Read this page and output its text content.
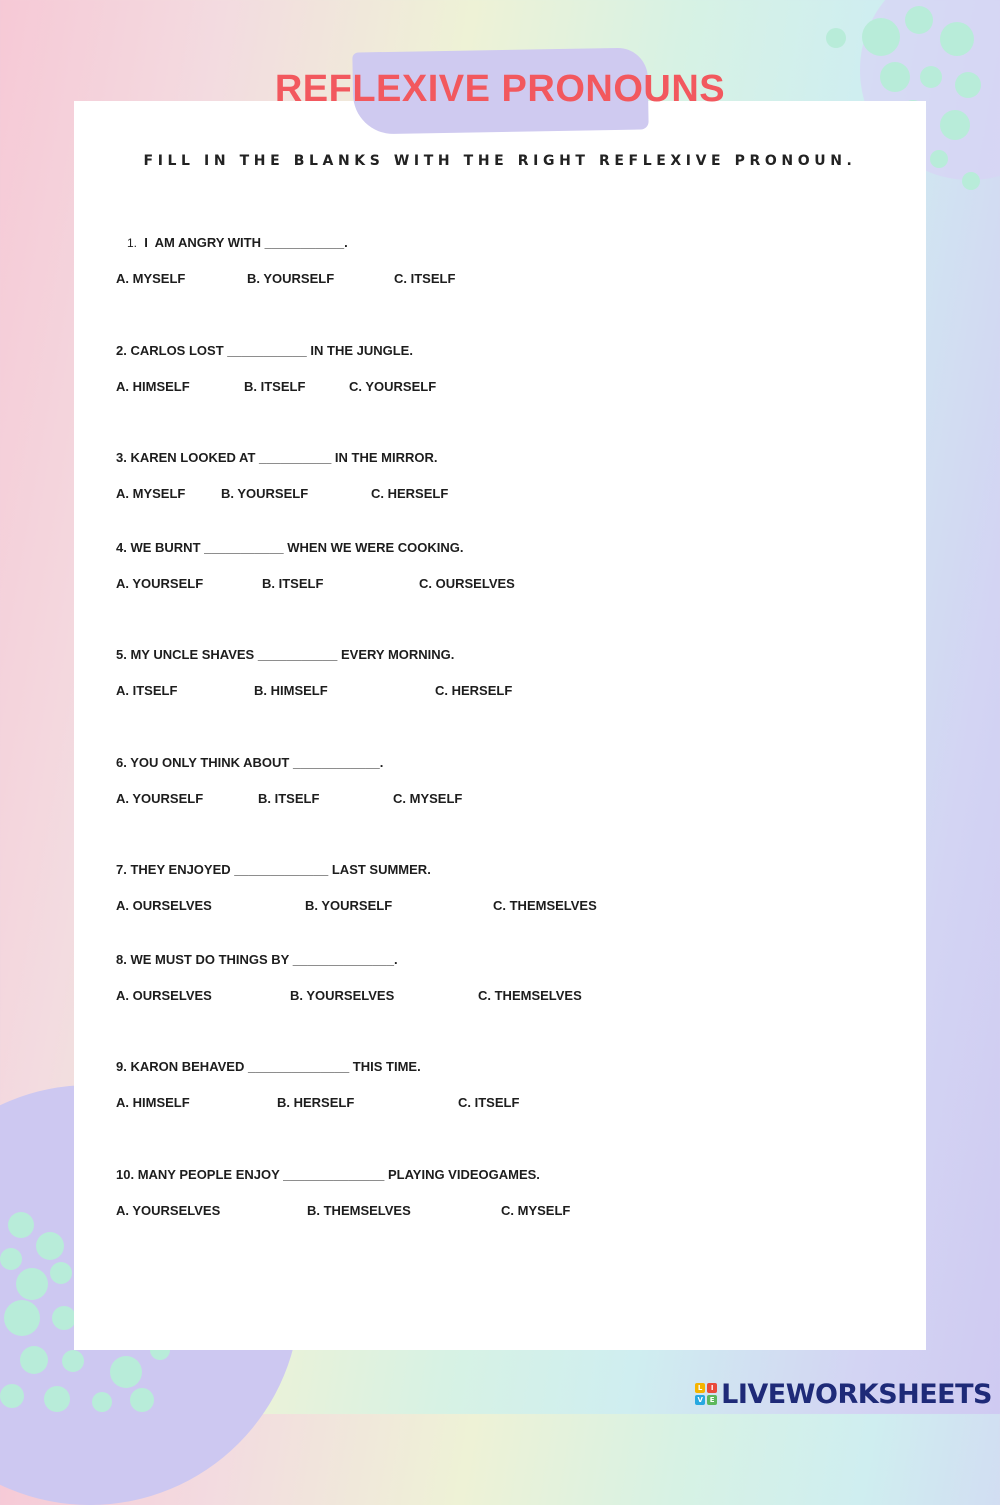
REFLEXIVE PRONOUNS

FILL IN THE BLANKS WITH THE RIGHT REFLEXIVE PRONOUN.

1. I  AM ANGRY WITH ___________.
A. MYSELF	B. YOURSELF	C. ITSELF
2. CARLOS LOST ___________ IN THE JUNGLE.
A. HIMSELF	B. ITSELF	C. YOURSELF
3. KAREN LOOKED AT __________ IN THE MIRROR.
A. MYSELF	B. YOURSELF	C. HERSELF
4. WE BURNT ___________ WHEN WE WERE COOKING.
A. YOURSELF	B. ITSELF	C. OURSELVES
5. MY UNCLE SHAVES ___________ EVERY MORNING.
A. ITSELF	B. HIMSELF	C. HERSELF
6. YOU ONLY THINK ABOUT ____________.
A. YOURSELF	B. ITSELF	C. MYSELF
7. THEY ENJOYED _____________ LAST SUMMER.
A. OURSELVES	B. YOURSELF	C. THEMSELVES
8. WE MUST DO THINGS BY ______________.
A. OURSELVES	B. YOURSELVES	C. THEMSELVES
9. KARON BEHAVED ______________ THIS TIME.
A. HIMSELF	B. HERSELF	C. ITSELF
10. MANY PEOPLE ENJOY ______________ PLAYING VIDEOGAMES.
A. YOURSELVES	B. THEMSELVES	C. MYSELF
L	I
V E LIVEWORKSHEETS
